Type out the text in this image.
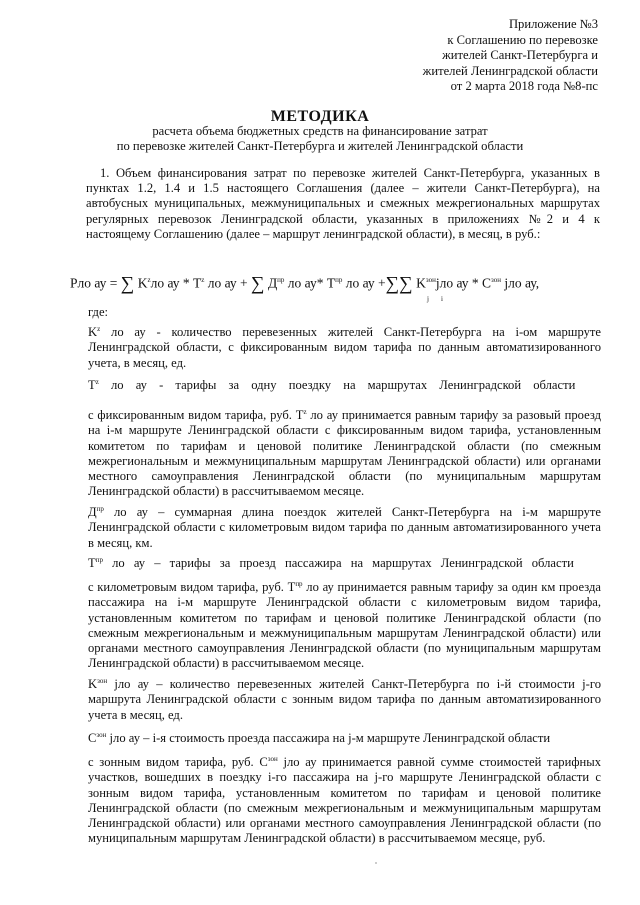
Приложение №3
к Соглашению по перевозке
жителей Санкт-Петербурга и
жителей Ленинградской области
от 2 марта 2018 года №8-пс
МЕТОДИКА
расчета объема бюджетных средств на финансирование затрат
по перевозке жителей Санкт-Петербурга и жителей Ленинградской области
1. Объем финансирования затрат по перевозке жителей Санкт-Петербурга, указанных в пунктах 1.2, 1.4 и 1.5 настоящего Соглашения (далее – жители Санкт-Петербурга), на автобусных муниципальных, межмуниципальных и смежных межрегиональных маршрутах регулярных перевозок Ленинградской области, указанных в приложениях №2 и 4 к настоящему Соглашению (далее – маршрут ленинградской области), в месяц, в руб.:
Pло ау = ∑ $K^zло$ ау * $T^z$ ло ау + ∑ $Д^{пр}$ ло ау* $T^{пр}$ ло ау +∑∑ $K^{зон}jло$ ау * $C^{зон}$ jло ау,
j i
где:
$K^z$ ло ау - количество перевезенных жителей Санкт-Петербурга на i-ом маршруте Ленинградской области, с фиксированным видом тарифа по данным автоматизированного учета, в месяц, ед.
$T^z$ ло ау - тарифы за одну поездку на маршрутах Ленинградской области
с фиксированным видом тарифа, руб. $T^z$ ло ау принимается равным тарифу за разовый проезд на i-м маршруте Ленинградской области с фиксированным видом тарифа, установленным комитетом по тарифам и ценовой политике Ленинградской области (по смежным межрегиональным и межмуниципальным маршрутам Ленинградской области) или органами местного самоуправления Ленинградской области (по муниципальным маршрутам Ленинградской области) в рассчитываемом месяце.
$Д^{пр}$ ло ау – суммарная длина поездок жителей Санкт-Петербурга на i-м маршруте Ленинградской области с километровым видом тарифа по данным автоматизированного учета в месяц, км.
$T^{пр}$ ло ау – тарифы за проезд пассажира на маршрутах Ленинградской области
с километровым видом тарифа, руб. $T^{пр}$ ло ау принимается равным тарифу за один км проезда пассажира на i-м маршруте Ленинградской области с километровым видом тарифа, установленным комитетом по тарифам и ценовой политике Ленинградской области (по смежным межрегиональным и межмуниципальным маршрутам Ленинградской области) или органами местного самоуправления Ленинградской области (по муниципальным маршрутам Ленинградской области) в рассчитываемом месяце.
$K^{зон}$ jло ау – количество перевезенных жителей Санкт-Петербурга по i-й стоимости j-го маршрута Ленинградской области с зонным видом тарифа по данным автоматизированного учета в месяц, ед.
$C^{зон}$ jло ау – i-я стоимость проезда пассажира на j-м маршруте Ленинградской области
с зонным видом тарифа, руб. $C^{зон}$ jло ау принимается равной сумме стоимостей тарифных участков, вошедших в поездку i-го пассажира на j-го маршруте Ленинградской области с зонным видом тарифа, установленным комитетом по тарифам и ценовой политике Ленинградской области (по смежным межрегиональным и межмуниципальным маршрутам Ленинградской области) или органами местного самоуправления Ленинградской области (по муниципальным маршрутам Ленинградской области) в рассчитываемом месяце, руб.
